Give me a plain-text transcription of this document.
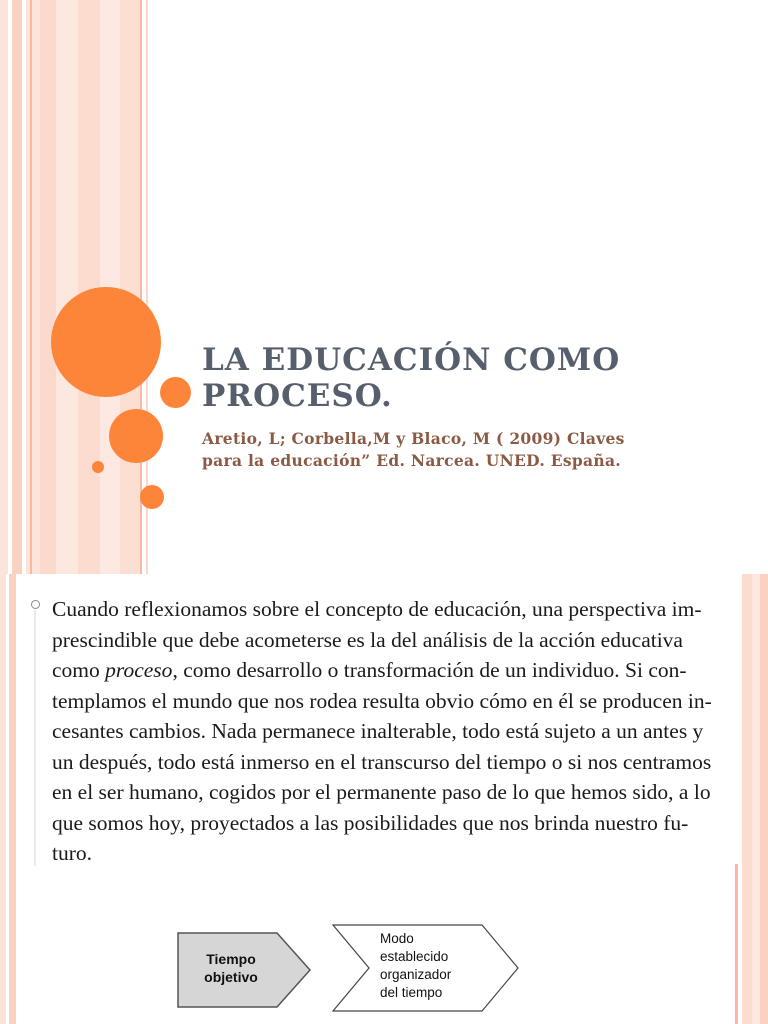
LA EDUCACIÓN COMO
PROCESO.

Aretio, L; Corbella,M y Blaco, M ( 2009) Claves
para la educación” Ed. Narcea. UNED. España.

Cuando reflexionamos sobre el concepto de educación, una perspectiva im-
prescindible que debe acometerse es la del análisis de la acción educativa
como proceso, como desarrollo o transformación de un individuo. Si con-
templamos el mundo que nos rodea resulta obvio cómo en él se producen in-
cesantes cambios. Nada permanece inalterable, todo está sujeto a un antes y
un después, todo está inmerso en el transcurso del tiempo o si nos centramos
en el ser humano, cogidos por el permanente paso de lo que hemos sido, a lo
que somos hoy, proyectados a las posibilidades que nos brinda nuestro fu-
turo.

Tiempo
objetivo
Modo
establecido
organizador
del tiempo
